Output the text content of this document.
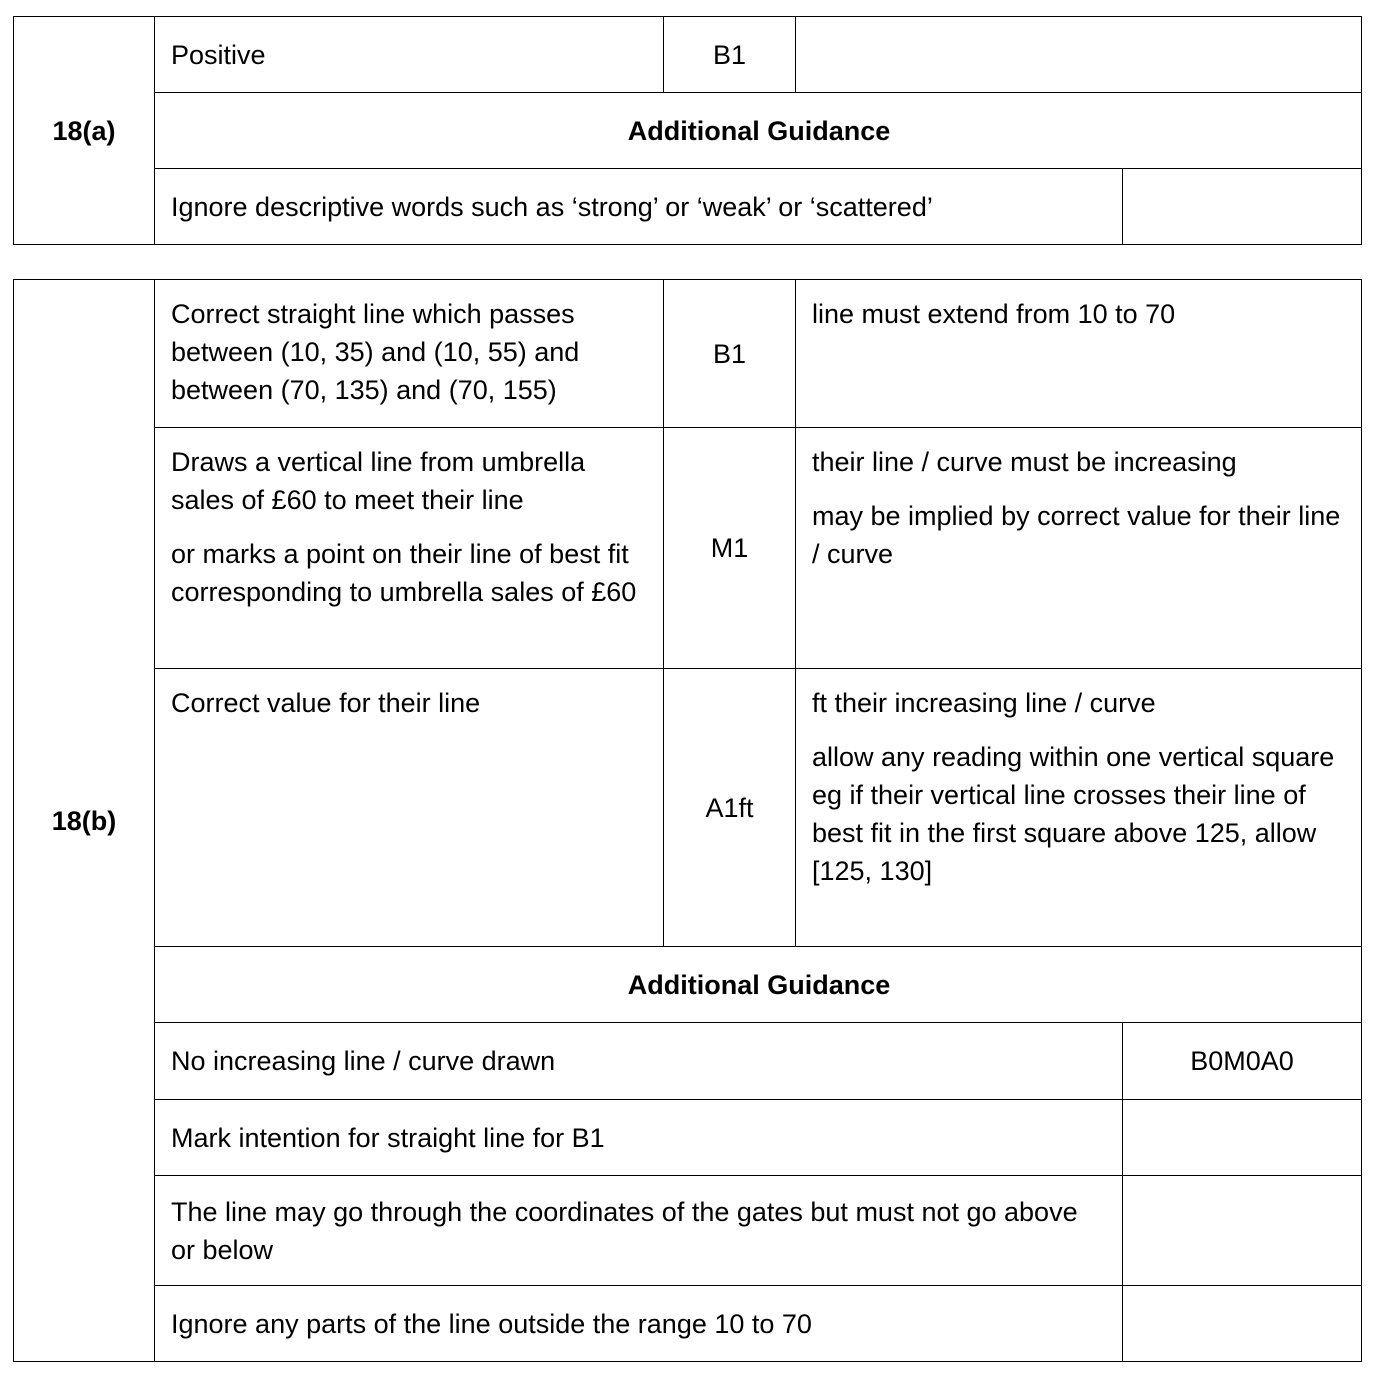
18(a)	Positive	B1		
	Additional Guidance			
	Ignore descriptive words such as ‘strong’ or ‘weak’ or ‘scattered’			
18(b)	Correct straight line which passes between (10, 35) and (10, 55) and between (70, 135) and (70, 155)	B1	line must extend from 10 to 70	

	Draws a vertical line from umbrella sales of £60 to meet their line
or marks a point on their line of best fit corresponding to umbrella sales of £60	M1	their line / curve must be increasing
may be implied by correct value for their line / curve	

	Correct value for their line	A1ft	ft their increasing line / curve
allow any reading within one vertical square
eg if their vertical line crosses their line of best fit in the first square above 125, allow [125, 130]	

	Additional Guidance			
	No increasing line / curve drawn			B0M0A0
	Mark intention for straight line for B1			
	The line may go through the coordinates of the gates but must not go above or below			
	Ignore any parts of the line outside the range 10 to 70			
